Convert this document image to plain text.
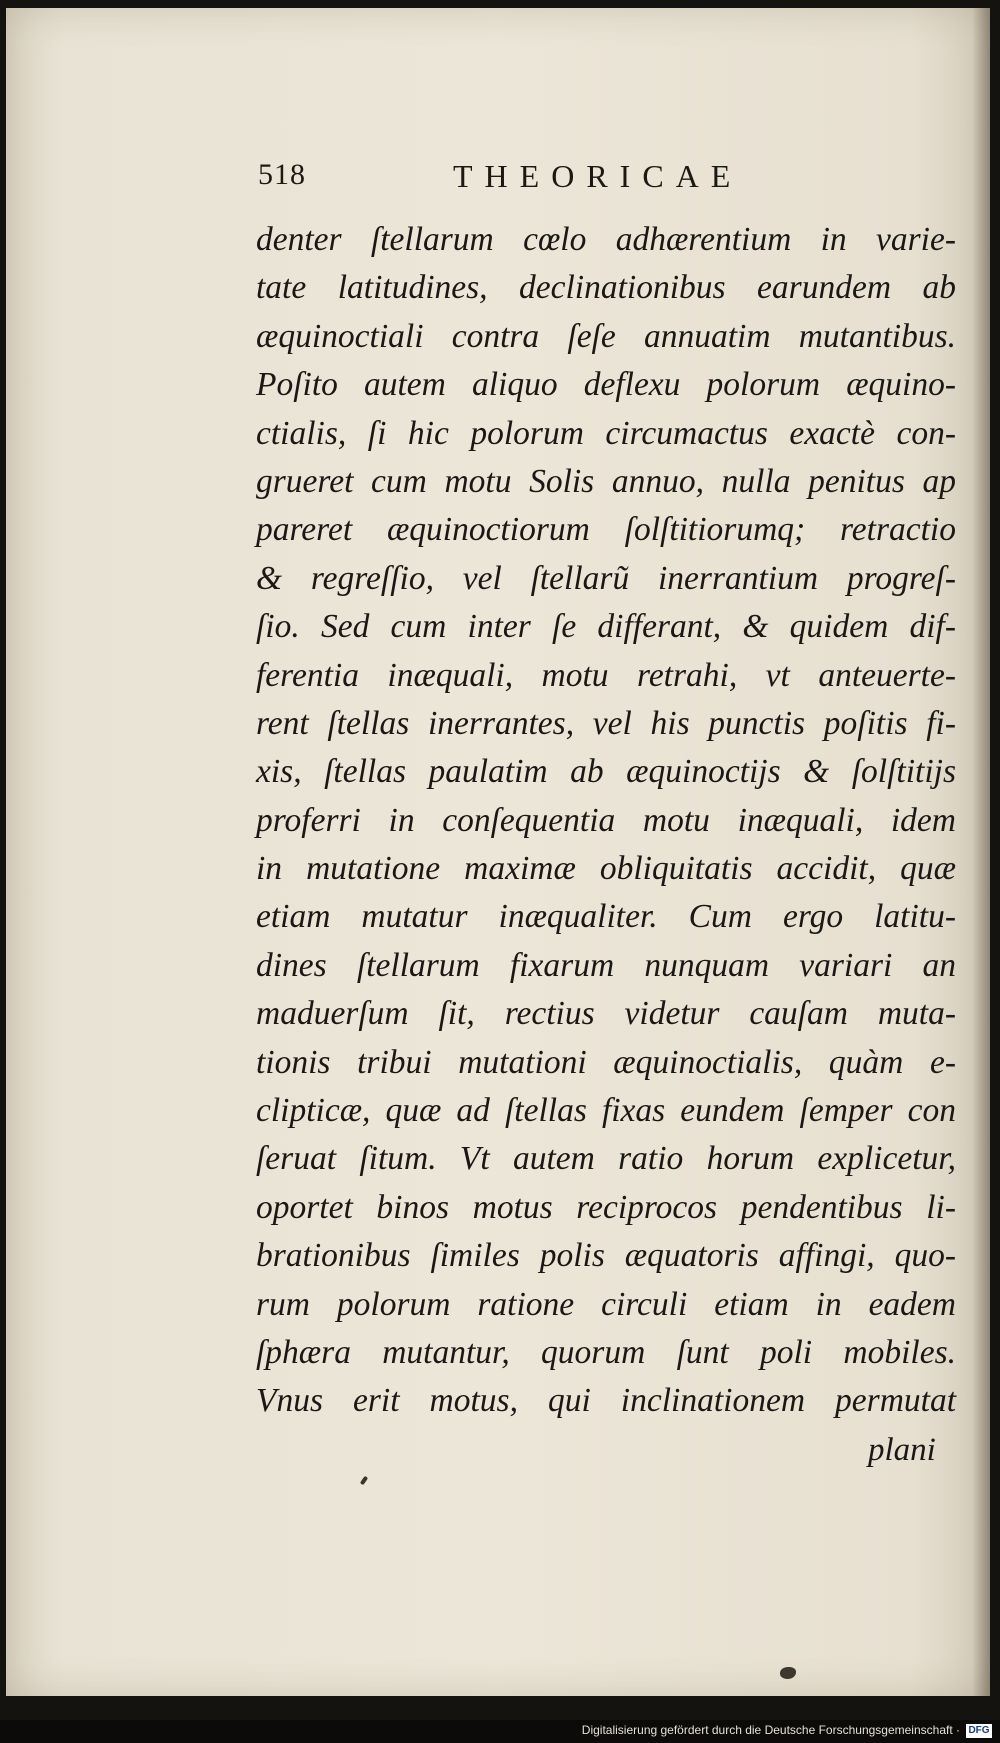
518	THEORICAE
denter ſtellarum cœlo adhærentium in varie-
tate latitudines, declinationibus earundem ab
æquinoctiali contra ſeſe annuatim mutantibus.
Poſito autem aliquo deflexu polorum æquino-
ctialis, ſi hic polorum circumactus exactè con-
grueret cum motu Solis annuo, nulla penitus ap
pareret æquinoctiorum ſolſtitiorumq; retractio
& regreſſio, vel ſtellarũ inerrantium progreſ-
ſio. Sed cum inter ſe differant, & quidem dif-
ferentia inæquali, motu retrahi, vt anteuerte-
rent ſtellas inerrantes, vel his punctis poſitis fi-
xis, ſtellas paulatim ab æquinoctijs & ſolſtitijs
proferri in conſequentia motu inæquali, idem
in mutatione maximæ obliquitatis accidit, quæ
etiam mutatur inæqualiter. Cum ergo latitu-
dines ſtellarum fixarum nunquam variari an
maduerſum ſit, rectius videtur cauſam muta-
tionis tribui mutationi æquinoctialis, quàm e-
clipticæ, quæ ad ſtellas fixas eundem ſemper con
ſeruat ſitum. Vt autem ratio horum explicetur,
oportet binos motus reciprocos pendentibus li-
brationibus ſimiles polis æquatoris affingi, quo-
rum polorum ratione circuli etiam in eadem
ſphæra mutantur, quorum ſunt poli mobiles.
Vnus erit motus, qui inclinationem permutat
plani
Digitalisierung gefördert durch die Deutsche Forschungsgemeinschaft · DFG
